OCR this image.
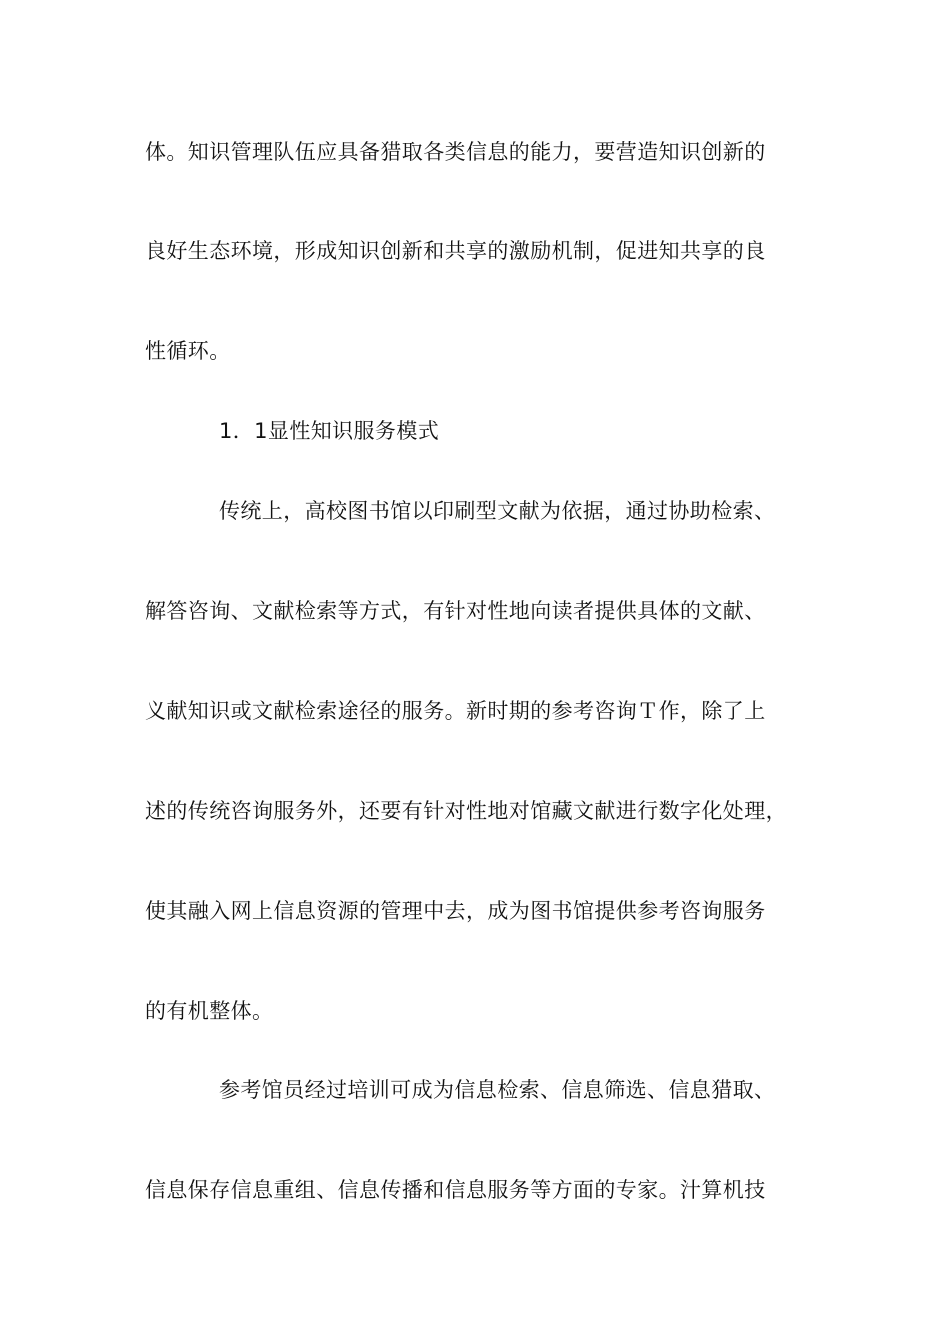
体。知识管理队伍应具备猎取各类信息的能力，要营造知识创新的
良好生态环境，形成知识创新和共享的激励机制，促进知共享的良
性循环。
1．1显性知识服务模式
传统上，高校图书馆以印刷型文献为依据，通过协助检索、
解答咨询、文献检索等方式，有针对性地向读者提供具体的文献、
义献知识或文献检索途径的服务。新时期的参考咨询Ｔ作，除了上
述的传统咨询服务外，还要有针对性地对馆藏文献进行数字化处理，
使其融入网上信息资源的管理中去，成为图书馆提供参考咨询服务
的有机整体。
参考馆员经过培训可成为信息检索、信息筛选、信息猎取、
信息保存信息重组、信息传播和信息服务等方面的专家。汁算机技
